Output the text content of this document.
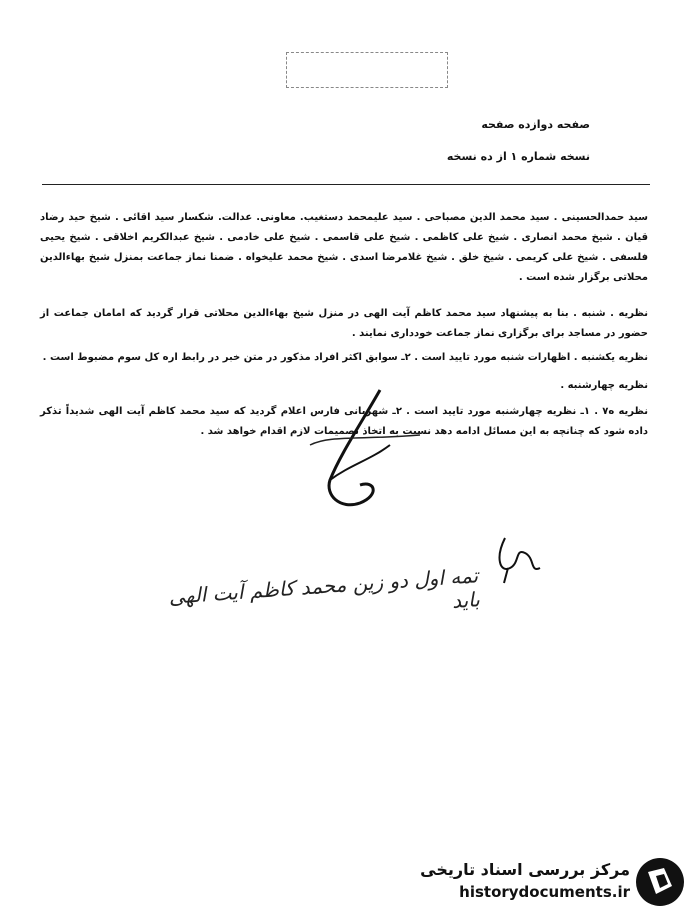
صفحه دوازده صفحه
نسخه شماره ۱ از ده نسخه

سید حمدالحسینی . سید محمد الدین مصباحی . سید علیمحمد دستغیب. معاونی. عدالت. شکسار سید اقائی . شیخ حید رضاد قیان . شیخ محمد انصاری . شیخ علی کاظمی . شیخ علی قاسمی . شیخ علی خادمی . شیخ عبدالکریم اخلاقی . شیخ یحیی فلسفی . شیخ علی کریمی . شیخ خلق . شیخ غلامرضا اسدی . شیخ محمد علیخواه . ضمنا نماز جماعت بمنزل شیخ بهاءالدین محلاتی برگزار شده است .

نظریه . شنبه . بنا به پیشنهاد سید محمد کاظم آیت الهی در منزل شیخ بهاءالدین محلاتی قرار گردید که امامان جماعت از حضور در مساجد برای برگزاری نماز جماعت خودداری نمایند .

نظریه یکشنبه . اظهارات شنبه مورد تایید است . ۲ـ سوابق اکثر افراد مذکور در متن خبر در رابط اره کل سوم مضبوط است .

نظریه چهارشنبه .

نظریه ه۷ . ۱ـ نظریه چهارشنبه مورد تایید است . ۲ـ شهربانی فارس اعلام گردید که سید محمد کاظم آیت الهی شدیداً تذکر داده شود که چنانچه به این مسائل ادامه دهد نسبت به اتخاذ تصمیمات لازم اقدام خواهد شد .

تمه اول دو زین محمد کاظم آیت الهی باید
مرکز بررسی اسناد تاریخی
historydocuments.ir
